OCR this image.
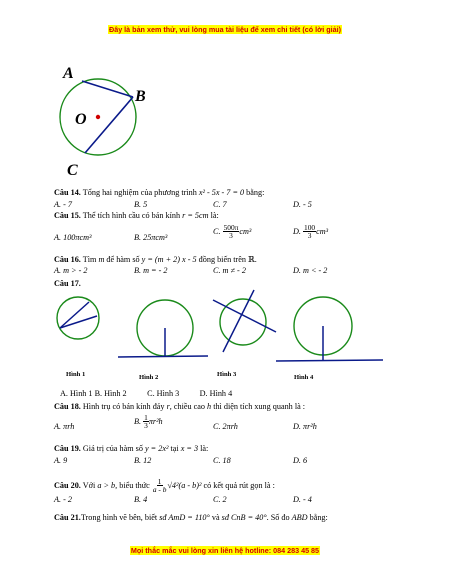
Đây là bản xem thử, vui lòng mua tài liệu để xem chi tiết (có lời giải)
Mọi thắc mắc vui lòng xin liên hệ hotline: 084 283 45 85
A
B
O
C
Câu 14. Tổng hai nghiệm của phương trình x² - 5x - 7 = 0 bằng:
A. - 7	B. 5	C. 7	D. - 5
Câu 15. Thể tích hình cầu có bán kính r = 5cm là:
A. 100πcm³	B. 25πcm³
C. $\frac{500\pi}{3} cm^3$	D. $\frac{100}{3} cm^3$
Câu 16. Tìm m để hàm số y = (m + 2) x - 5 đồng biến trên ℝ.
A. m > - 2	B. m = - 2	C. m ≠ - 2	D. m < - 2
Câu 17.
Hình 1	Hình 2	Hình 3	Hình 4
A. Hình 1 B. Hình 2          C. Hình 3          D. Hình 4
Câu 18. Hình trụ có bán kính đáy r, chiều cao h thì diện tích xung quanh là :
A. πrh
B. $\frac{1}{3} \pi r^2h$
C. 2πrh	D. πr²h
Câu 19. Giá trị của hàm số y = 2x² tại x = 3 là:
A. 9	B. 12	C. 18	D. 6
Câu 20. Với a > b, biểu thức $\frac{1}{a - b} √4^2(a - b)^2$ có kết quả rút gọn là :
A. - 2	B. 4	C. 2	D. - 4
Câu 21.Trong hình vẽ bên, biết sđ AmD = 110° và sđ CnB = 40°. Số đo ABD bằng:
